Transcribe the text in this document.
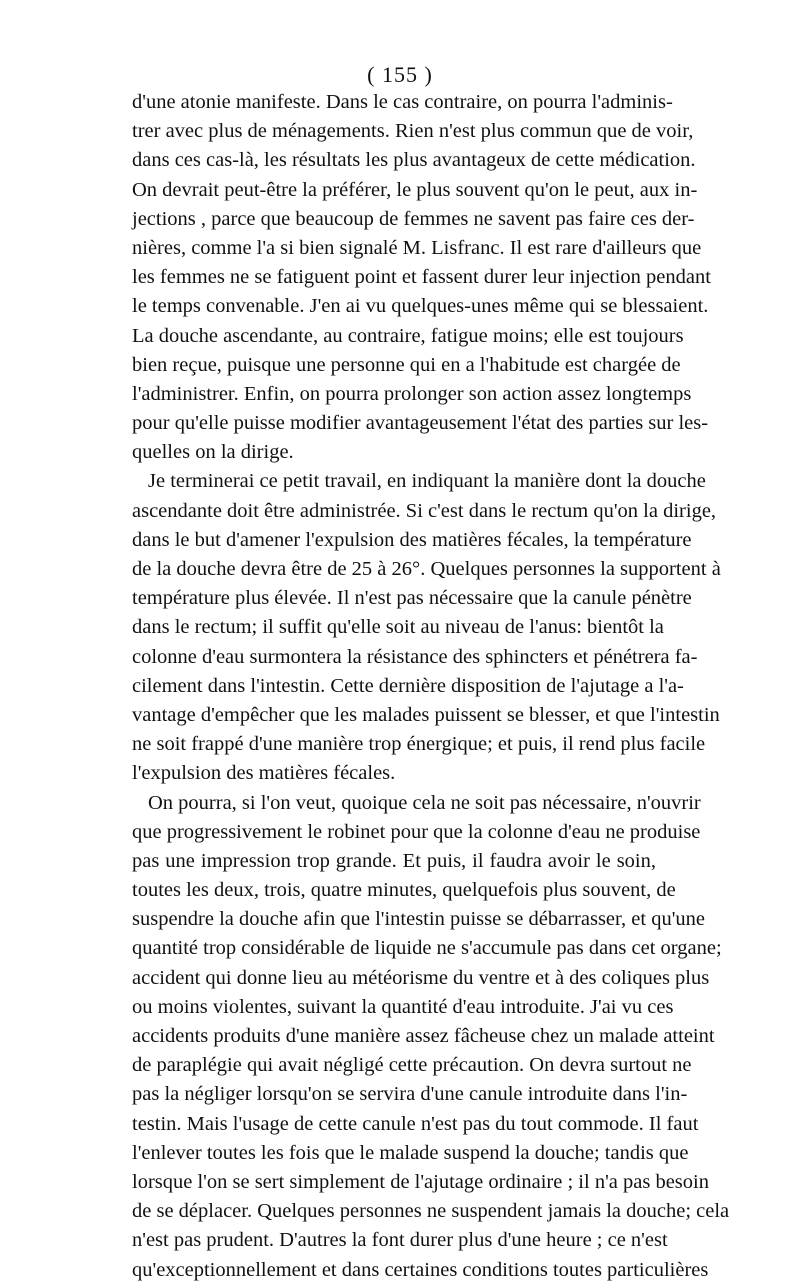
( 155 )
d'une atonie manifeste. Dans le cas contraire, on pourra l'adminis-
trer avec plus de ménagements. Rien n'est plus commun que de voir,
dans ces cas-là, les résultats les plus avantageux de cette médication.
On devrait peut-être la préférer, le plus souvent qu'on le peut, aux in-
jections , parce que beaucoup de femmes ne savent pas faire ces der-
nières, comme l'a si bien signalé M. Lisfranc. Il est rare d'ailleurs que
les femmes ne se fatiguent point et fassent durer leur injection pendant
le temps convenable. J'en ai vu quelques-unes même qui se blessaient.
La douche ascendante, au contraire, fatigue moins; elle est toujours
bien reçue, puisque une personne qui en a l'habitude est chargée de
l'administrer. Enfin, on pourra prolonger son action assez longtemps
pour qu'elle puisse modifier avantageusement l'état des parties sur les-
quelles on la dirige.
Je terminerai ce petit travail, en indiquant la manière dont la douche
ascendante doit être administrée. Si c'est dans le rectum qu'on la dirige,
dans le but d'amener l'expulsion des matières fécales, la température
de la douche devra être de 25 à 26°. Quelques personnes la supportent à
température plus élevée. Il n'est pas nécessaire que la canule pénètre
dans le rectum; il suffit qu'elle soit au niveau de l'anus: bientôt la
colonne d'eau surmontera la résistance des sphincters et pénétrera fa-
cilement dans l'intestin. Cette dernière disposition de l'ajutage a l'a-
vantage d'empêcher que les malades puissent se blesser, et que l'intestin
ne soit frappé d'une manière trop énergique; et puis, il rend plus facile
l'expulsion des matières fécales.
On pourra, si l'on veut, quoique cela ne soit pas nécessaire, n'ouvrir
que progressivement le robinet pour que la colonne d'eau ne produise
pas une impression trop grande. Et puis, il faudra avoir le soin,
toutes les deux, trois, quatre minutes, quelquefois plus souvent, de
suspendre la douche afin que l'intestin puisse se débarrasser, et qu'une
quantité trop considérable de liquide ne s'accumule pas dans cet organe;
accident qui donne lieu au météorisme du ventre et à des coliques plus
ou moins violentes, suivant la quantité d'eau introduite. J'ai vu ces
accidents produits d'une manière assez fâcheuse chez un malade atteint
de paraplégie qui avait négligé cette précaution. On devra surtout ne
pas la négliger lorsqu'on se servira d'une canule introduite dans l'in-
testin. Mais l'usage de cette canule n'est pas du tout commode. Il faut
l'enlever toutes les fois que le malade suspend la douche; tandis que
lorsque l'on se sert simplement de l'ajutage ordinaire ; il n'a pas besoin
de se déplacer. Quelques personnes ne suspendent jamais la douche; cela
n'est pas prudent. D'autres la font durer plus d'une heure ; ce n'est
qu'exceptionnellement et dans certaines conditions toutes particulières
